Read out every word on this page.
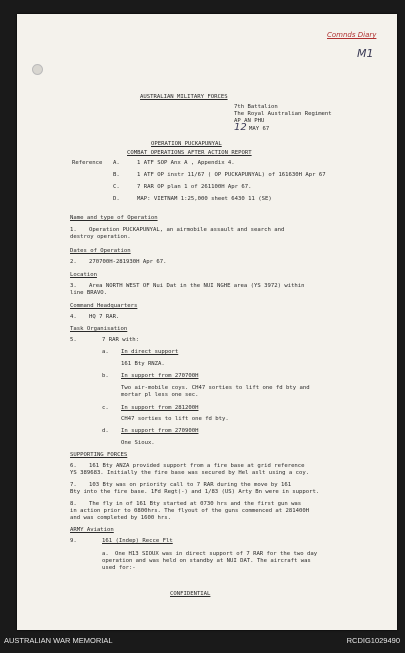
Comnds Diary
M1
AUSTRALIAN MILITARY FORCES
7th Battalion
The Royal Australian Regiment
AP AN PHU
12 MAY 67
OPERATION PUCKAPUNYAL
COMBAT OPERATIONS AFTER ACTION REPORT
Reference A.	1 ATF SOP Anx A , Appendix 4.
B.	1 ATF OP instr 11/67 ( OP PUCKAPUNYAL) of 161630H Apr 67
C.	7 RAR OP plan 1 of 261100H Apr 67.
D.	MAP: VIETNAM 1:25,000 sheet 6430 11 (SE)
Name and type of Operation
1. Operation PUCKAPUNYAL, an airmobile assault and search and
destroy operation.
Dates of Operation
2. 270700H-281930H Apr 67.
Location
3. Area NORTH WEST OF Nui Dat in the NUI NGHE area (YS 3972) within
line BRAVO.
Command Headquarters
4. HQ 7 RAR.
Task Organisation
5.	7 RAR with:
a. In direct support
161 Bty RNZA.
b. In support from 270700H
Two air-mobile coys. CH47 sorties to lift one fd bty and
mortar pl less one sec.
c. In support from 281200H
CH47 sorties to lift one fd bty.
d. In support from 270900H
One Sioux.
SUPPORTING FORCES
6. 161 Bty ANZA provided support from a fire base at grid reference
YS 389683. Initially the fire base was secured by Hel aslt using a coy.
7. 103 Bty was on priority call to 7 RAR during the move by 161
Bty into the fire base. 1Fd Regt(-) and 1/83 (US) Arty Bn were in support.
8. The fly in of 161 Bty started at 0730 hrs and the first gun was
in action prior to 0800hrs. The flyout of the guns commenced at 281400H
and was completed by 1600 hrs.
ARMY Aviation
9.	161 (Indep) Recce Flt
a. One H13 SIOUX was in direct support of 7 RAR for the two day
operation and was held on standby at NUI DAT. The aircraft was
used for:-
CONFIDENTIAL
AUSTRALIAN WAR MEMORIAL	RCDIG1029490
